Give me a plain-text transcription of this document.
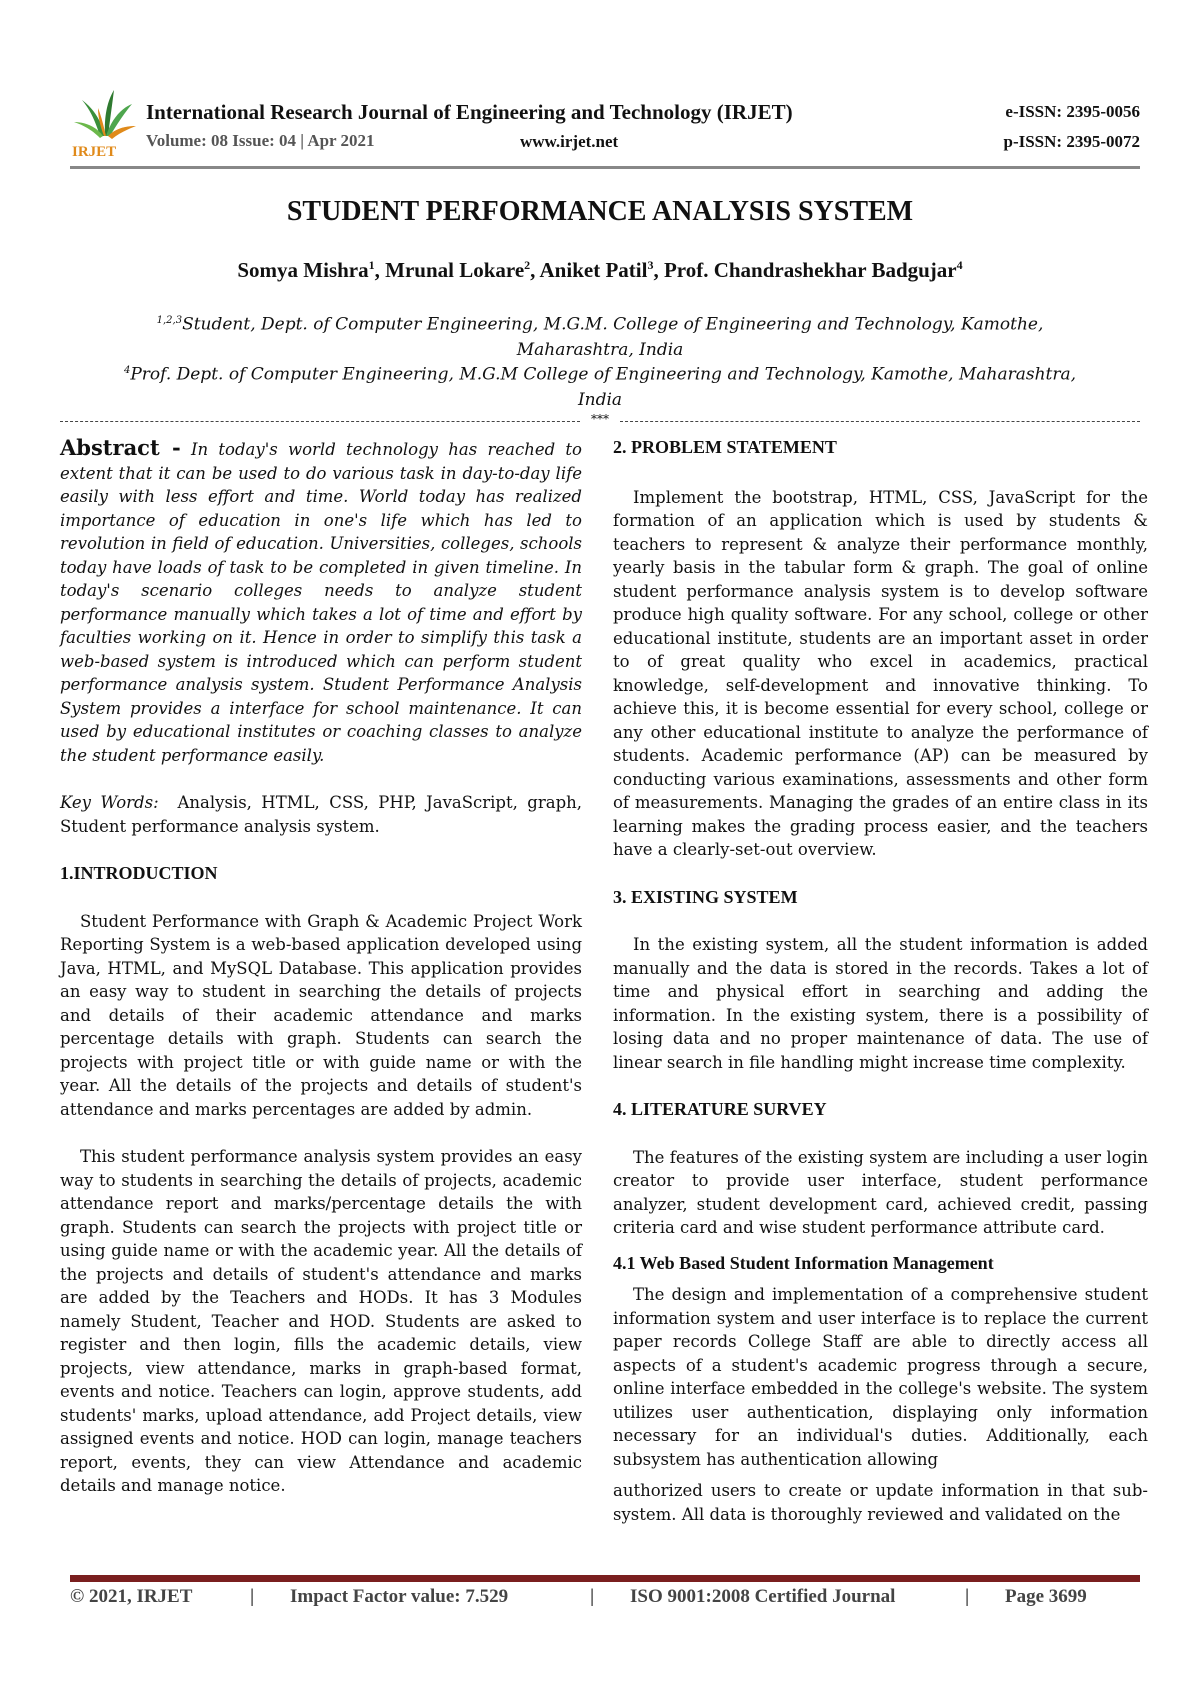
IRJET
International Research Journal of Engineering and Technology (IRJET)
Volume: 08 Issue: 04 | Apr 2021	www.irjet.net
e-ISSN: 2395-0056
p-ISSN: 2395-0072
STUDENT PERFORMANCE ANALYSIS SYSTEM
Somya Mishra$^1$, Mrunal Lokare$^2$, Aniket Patil$^3$, Prof. Chandrashekhar Badgujar$^4$
$^{1,2,3}$Student, Dept. of Computer Engineering, M.G.M. College of Engineering and Technology, Kamothe, Maharashtra, India
$^4$Prof. Dept. of Computer Engineering, M.G.M College of Engineering and Technology, Kamothe, Maharashtra, India
***

Abstract - In today's world technology has reached to extent that it can be used to do various task in day-to-day life easily with less effort and time. World today has realized importance of education in one's life which has led to revolution in field of education. Universities, colleges, schools today have loads of task to be completed in given timeline. In today's scenario colleges needs to analyze student performance manually which takes a lot of time and effort by faculties working on it. Hence in order to simplify this task a web-based system is introduced which can perform student performance analysis system. Student Performance Analysis System provides a interface for school maintenance. It can used by educational institutes or coaching classes to analyze the student performance easily.

Key Words: Analysis, HTML, CSS, PHP, JavaScript, graph, Student performance analysis system.

1.INTRODUCTION

Student Performance with Graph & Academic Project Work Reporting System is a web-based application developed using Java, HTML, and MySQL Database. This application provides an easy way to student in searching the details of projects and details of their academic attendance and marks percentage details with graph. Students can search the projects with project title or with guide name or with the year. All the details of the projects and details of student's attendance and marks percentages are added by admin.

This student performance analysis system provides an easy way to students in searching the details of projects, academic attendance report and marks/percentage details the with graph. Students can search the projects with project title or using guide name or with the academic year. All the details of the projects and details of student's attendance and marks are added by the Teachers and HODs. It has 3 Modules namely Student, Teacher and HOD. Students are asked to register and then login, fills the academic details, view projects, view attendance, marks in graph-based format, events and notice. Teachers can login, approve students, add students' marks, upload attendance, add Project details, view assigned events and notice. HOD can login, manage teachers report, events, they can view Attendance and academic details and manage notice.

2. PROBLEM STATEMENT

Implement the bootstrap, HTML, CSS, JavaScript for the formation of an application which is used by students & teachers to represent & analyze their performance monthly, yearly basis in the tabular form & graph. The goal of online student performance analysis system is to develop software produce high quality software. For any school, college or other educational institute, students are an important asset in order to of great quality who excel in academics, practical knowledge, self-development and innovative thinking. To achieve this, it is become essential for every school, college or any other educational institute to analyze the performance of students. Academic performance (AP) can be measured by conducting various examinations, assessments and other form of measurements. Managing the grades of an entire class in its learning makes the grading process easier, and the teachers have a clearly-set-out overview.

3. EXISTING SYSTEM

In the existing system, all the student information is added manually and the data is stored in the records. Takes a lot of time and physical effort in searching and adding the information. In the existing system, there is a possibility of losing data and no proper maintenance of data. The use of linear search in file handling might increase time complexity.

4. LITERATURE SURVEY

The features of the existing system are including a user login creator to provide user interface, student performance analyzer, student development card, achieved credit, passing criteria card and wise student performance attribute card.

4.1 Web Based Student Information Management

The design and implementation of a comprehensive student information system and user interface is to replace the current paper records College Staff are able to directly access all aspects of a student's academic progress through a secure, online interface embedded in the college's website. The system utilizes user authentication, displaying only information necessary for an individual's duties. Additionally, each subsystem has authentication allowing

authorized users to create or update information in that sub-system. All data is thoroughly reviewed and validated on the

© 2021, IRJET	| Impact Factor value: 7.529	| ISO 9001:2008 Certified Journal	| Page 3699
